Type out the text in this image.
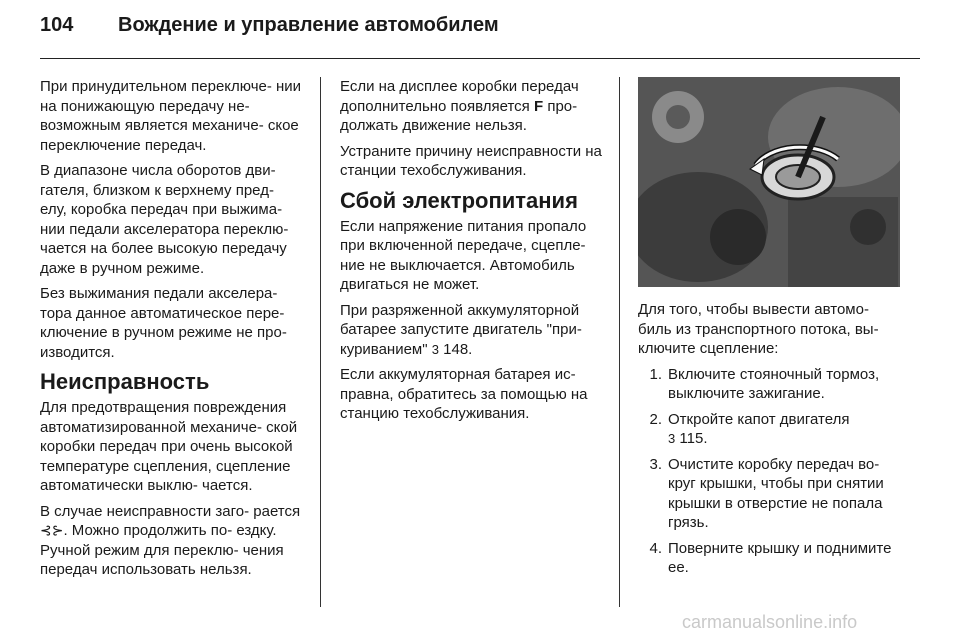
104	Вождение и управление автомобилем

При принудительном переключе- нии на понижающую передачу не- возможным является механиче- ское переключение передач.

В диапазоне числа оборотов дви- гателя, близком к верхнему пред- елу, коробка передач при выжима- нии педали акселератора переклю- чается на более высокую передачу даже в ручном режиме.

Без выжимания педали акселера- тора данное автоматическое пере- ключение в ручном режиме не про- изводится.

Неисправность

Для предотвращения повреждения автоматизированной механиче- ской коробки передач при очень высокой температуре сцепления, сцепление автоматически выклю- чается.

В случае неисправности заго- рается ⊰⊱. Можно продолжить по- ездку. Ручной режим для переклю- чения передач использовать нельзя.

Если на дисплее коробки передач дополнительно появляется F про- должать движение нельзя.

Устраните причину неисправности на станции техобслуживания.

Сбой электропитания

Если напряжение питания пропало при включенной передаче, сцепле- ние не выключается. Автомобиль двигаться не может.

При разряженной аккумуляторной батарее запустите двигатель "при- куриванием" 3 148.

Если аккумуляторная батарея ис- правна, обратитесь за помощью на станцию техобслуживания.

Для того, чтобы вывести автомо- биль из транспортного потока, вы- ключите сцепление:

1. Включите стояночный тормоз, выключите зажигание.
2. Откройте капот двигателя
3 115.
3. Очистите коробку передач во- круг крышки, чтобы при снятии крышки в отверстие не попала грязь.
4. Поверните крышку и поднимите ее.
carmanualsonline.info
